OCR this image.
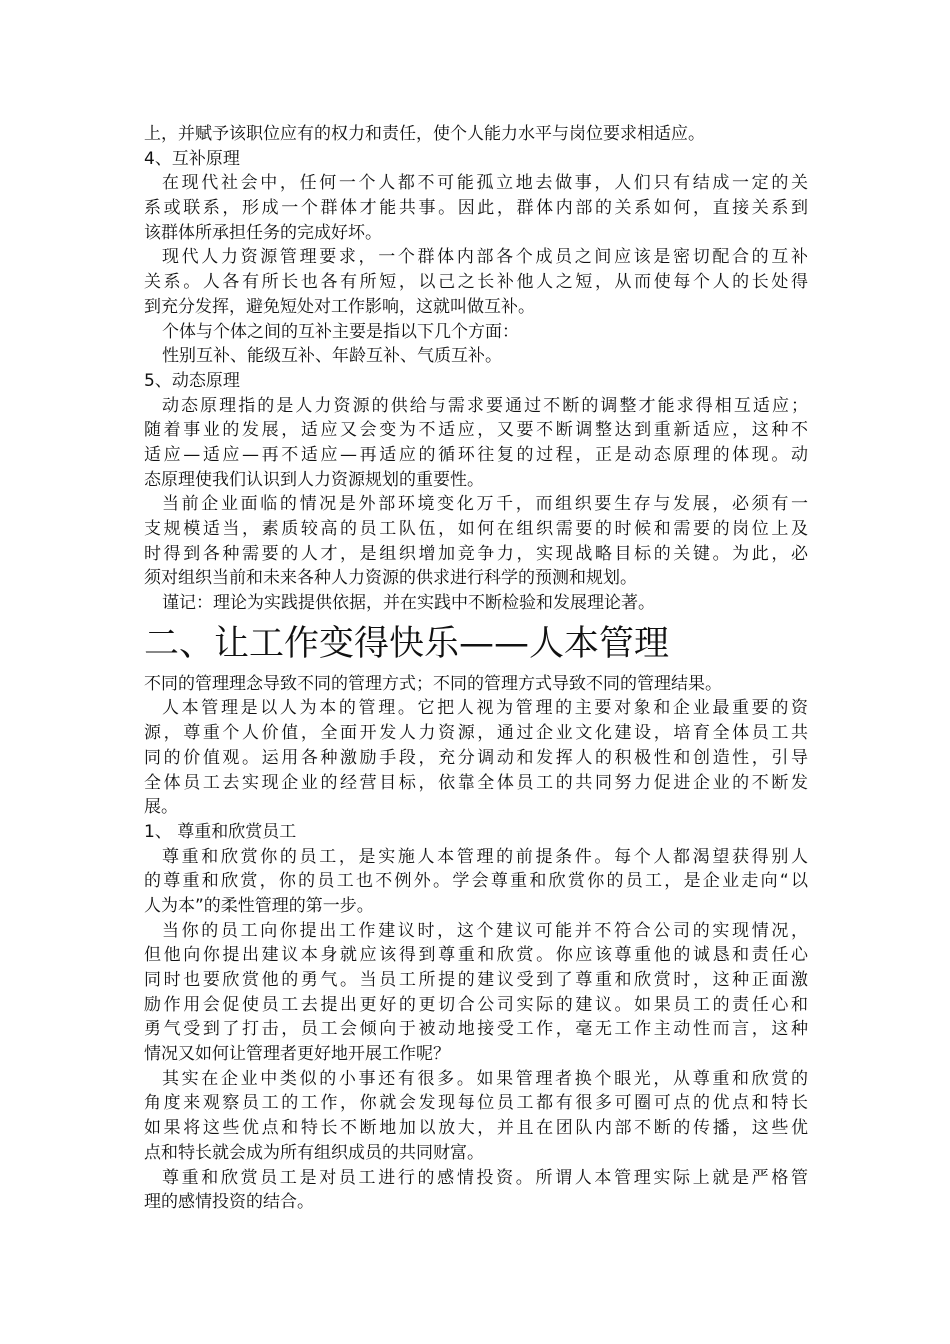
上，并赋予该职位应有的权力和责任，使个人能力水平与岗位要求相适应。
4、互补原理
在现代社会中，任何一个人都不可能孤立地去做事，人们只有结成一定的关
系或联系，形成一个群体才能共事。因此，群体内部的关系如何，直接关系到
该群体所承担任务的完成好坏。
现代人力资源管理要求，一个群体内部各个成员之间应该是密切配合的互补
关系。人各有所长也各有所短，以己之长补他人之短，从而使每个人的长处得
到充分发挥，避免短处对工作影响，这就叫做互补。
个体与个体之间的互补主要是指以下几个方面：
性别互补、能级互补、年龄互补、气质互补。
5、动态原理
动态原理指的是人力资源的供给与需求要通过不断的调整才能求得相互适应；
随着事业的发展，适应又会变为不适应，又要不断调整达到重新适应，这种不
适应—适应—再不适应—再适应的循环往复的过程，正是动态原理的体现。动
态原理使我们认识到人力资源规划的重要性。
当前企业面临的情况是外部环境变化万千，而组织要生存与发展，必须有一
支规模适当，素质较高的员工队伍，如何在组织需要的时候和需要的岗位上及
时得到各种需要的人才，是组织增加竞争力，实现战略目标的关键。为此，必
须对组织当前和未来各种人力资源的供求进行科学的预测和规划。
谨记：理论为实践提供依据，并在实践中不断检验和发展理论著。
二、让工作变得快乐——人本管理
不同的管理理念导致不同的管理方式；不同的管理方式导致不同的管理结果。
人本管理是以人为本的管理。它把人视为管理的主要对象和企业最重要的资
源，尊重个人价值，全面开发人力资源，通过企业文化建设，培育全体员工共
同的价值观。运用各种激励手段，充分调动和发挥人的积极性和创造性，引导
全体员工去实现企业的经营目标，依靠全体员工的共同努力促进企业的不断发
展。
1、 尊重和欣赏员工
尊重和欣赏你的员工，是实施人本管理的前提条件。每个人都渴望获得别人
的尊重和欣赏，你的员工也不例外。学会尊重和欣赏你的员工，是企业走向“以
人为本”的柔性管理的第一步。
当你的员工向你提出工作建议时，这个建议可能并不符合公司的实现情况，
但他向你提出建议本身就应该得到尊重和欣赏。你应该尊重他的诚恳和责任心
同时也要欣赏他的勇气。当员工所提的建议受到了尊重和欣赏时，这种正面激
励作用会促使员工去提出更好的更切合公司实际的建议。如果员工的责任心和
勇气受到了打击，员工会倾向于被动地接受工作，毫无工作主动性而言，这种
情况又如何让管理者更好地开展工作呢？
其实在企业中类似的小事还有很多。如果管理者换个眼光，从尊重和欣赏的
角度来观察员工的工作，你就会发现每位员工都有很多可圈可点的优点和特长
如果将这些优点和特长不断地加以放大，并且在团队内部不断的传播，这些优
点和特长就会成为所有组织成员的共同财富。
尊重和欣赏员工是对员工进行的感情投资。所谓人本管理实际上就是严格管
理的感情投资的结合。
